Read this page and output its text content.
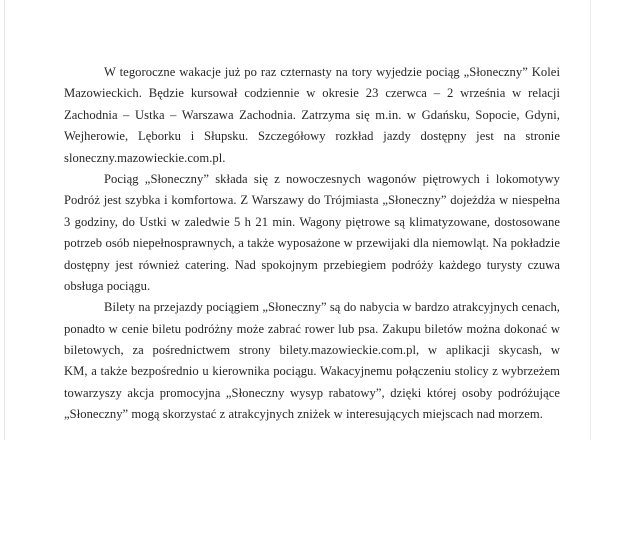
W tegoroczne wakacje już po raz czternasty na tory wyjedzie pociąg „Słoneczny” Kolei
Mazowieckich. Będzie kursował codziennie w okresie 23 czerwca – 2 września w relacji
Zachodnia – Ustka – Warszawa Zachodnia. Zatrzyma się m.in. w Gdańsku, Sopocie, Gdyni,
Wejherowie, Lęborku i Słupsku. Szczegółowy rozkład jazdy dostępny jest na stronie
sloneczny.mazowieckie.com.pl.
Pociąg „Słoneczny” składa się z nowoczesnych wagonów piętrowych i lokomotywy
Podróż jest szybka i komfortowa. Z Warszawy do Trójmiasta „Słoneczny” dojeżdża w niespełna
3 godziny, do Ustki w zaledwie 5 h 21 min. Wagony piętrowe są klimatyzowane, dostosowane
potrzeb osób niepełnosprawnych, a także wyposażone w przewijaki dla niemowląt. Na pokładzie
dostępny jest również catering. Nad spokojnym przebiegiem podróży każdego turysty czuwa
obsługa pociągu.
Bilety na przejazdy pociągiem „Słoneczny” są do nabycia w bardzo atrakcyjnych cenach,
ponadto w cenie biletu podróżny może zabrać rower lub psa. Zakupu biletów można dokonać w
biletowych, za pośrednictwem strony bilety.mazowieckie.com.pl, w aplikacji skycash, w
KM, a także bezpośrednio u kierownika pociągu. Wakacyjnemu połączeniu stolicy z wybrzeżem
towarzyszy akcja promocyjna „Słoneczny wysyp rabatowy”, dzięki której osoby podróżujące
„Słoneczny” mogą skorzystać z atrakcyjnych zniżek w interesujących miejscach nad morzem.
